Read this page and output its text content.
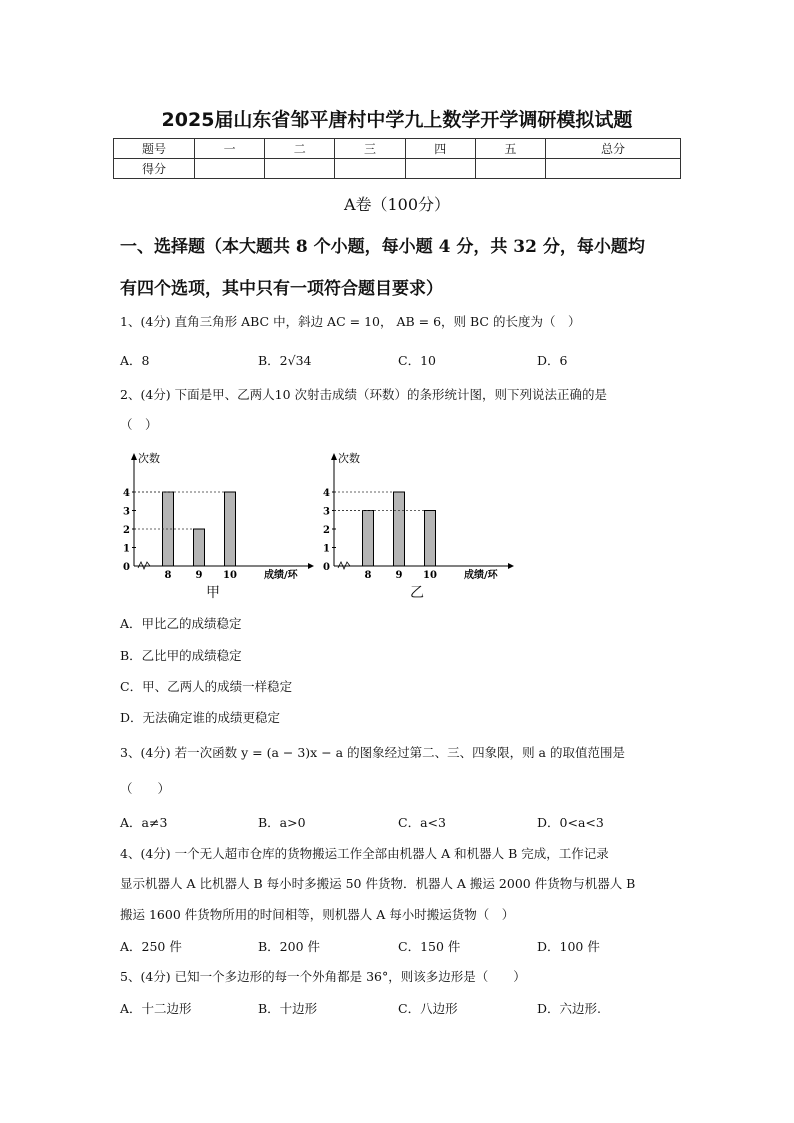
2025届山东省邹平唐村中学九上数学开学调研模拟试题
题号	一	二	三	四	五	总分
得分						
A卷（100分）
一、选择题（本大题共 8 个小题，每小题 4 分，共 32 分，每小题均
有四个选项，其中只有一项符合题目要求）
1、(4分) 直角三角形 ABC 中，斜边 AC = 10， AB = 6，则 BC 的长度为（　）
A．8	B．2√34	C．10	D．6
2、(4分) 下面是甲、乙两人10 次射击成绩（环数）的条形统计图，则下列说法正确的是
（　）
次数
0
1
2
3
4
8 9 10	成绩/环
甲
次数
0
1
2
3
4
8 9 10	成绩/环
乙
A．甲比乙的成绩稳定
B．乙比甲的成绩稳定
C．甲、乙两人的成绩一样稳定
D．无法确定谁的成绩更稳定
3、(4分) 若一次函数 y = (a − 3)x − a 的图象经过第二、三、四象限，则 a 的取值范围是
（　　）
A．a≠3	B．a>0	C．a<3	D．0<a<3
4、(4分) 一个无人超市仓库的货物搬运工作全部由机器人 A 和机器人 B 完成，工作记录
显示机器人 A 比机器人 B 每小时多搬运 50 件货物．机器人 A 搬运 2000 件货物与机器人 B
搬运 1600 件货物所用的时间相等，则机器人 A 每小时搬运货物（　）
A．250 件	B．200 件	C．150 件	D．100 件
5、(4分) 已知一个多边形的每一个外角都是 36°，则该多边形是（　　）
A．十二边形	B．十边形	C．八边形	D．六边形.
